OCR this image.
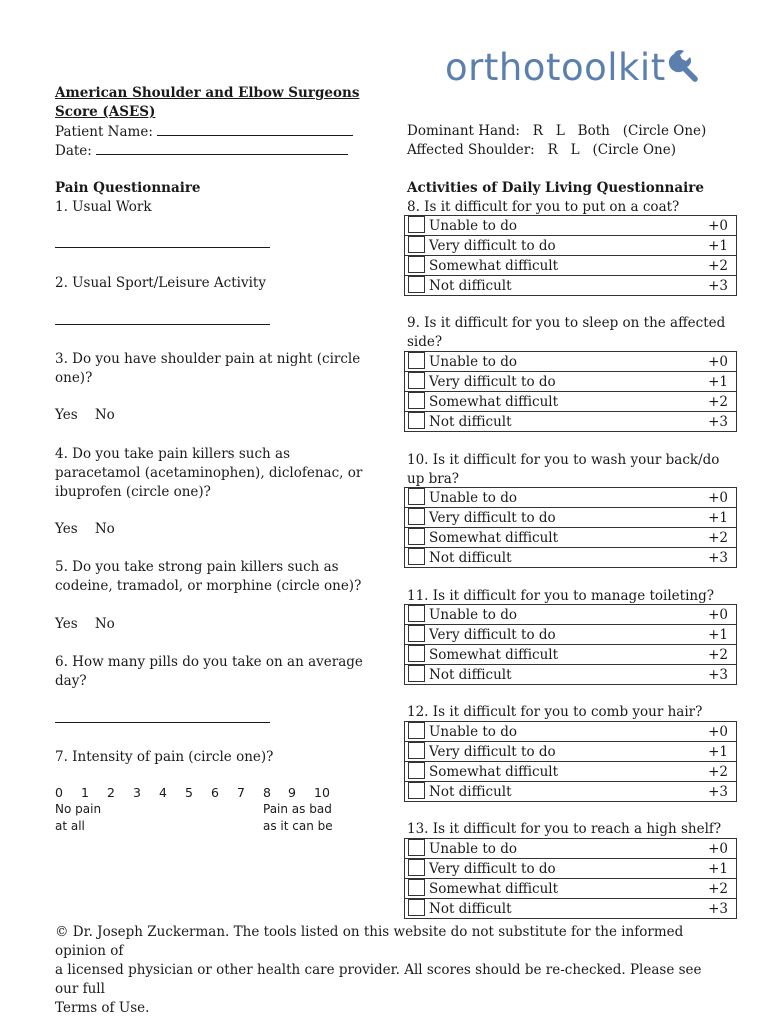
orthotoolkit
American Shoulder and Elbow Surgeons
Score (ASES)
Patient Name:
Date:
Dominant Hand:   R   L   Both   (Circle One)
Affected Shoulder:   R   L   (Circle One)
Pain Questionnaire
1. Usual Work
2. Usual Sport/Leisure Activity
3. Do you have shoulder pain at night (circle
one)?
Yes    No
4. Do you take pain killers such as
paracetamol (acetaminophen), diclofenac, or
ibuprofen (circle one)?
Yes    No
5. Do you take strong pain killers such as
codeine, tramadol, or morphine (circle one)?
Yes    No
6. How many pills do you take on an average
day?
7. Intensity of pain (circle one)?
0 1 2 3 4 5 6 7 8 9 10
No pain
at all
Pain as bad
as it can be
Activities of Daily Living Questionnaire
8. Is it difficult for you to put on a coat?
Unable to do	+0
Very difficult to do	+1
Somewhat difficult	+2
Not difficult	+3
9. Is it difficult for you to sleep on the affected
side?
Unable to do	+0
Very difficult to do	+1
Somewhat difficult	+2
Not difficult	+3
10. Is it difficult for you to wash your back/do
up bra?
Unable to do	+0
Very difficult to do	+1
Somewhat difficult	+2
Not difficult	+3
11. Is it difficult for you to manage toileting?
Unable to do	+0
Very difficult to do	+1
Somewhat difficult	+2
Not difficult	+3
12. Is it difficult for you to comb your hair?
Unable to do	+0
Very difficult to do	+1
Somewhat difficult	+2
Not difficult	+3
13. Is it difficult for you to reach a high shelf?
Unable to do	+0
Very difficult to do	+1
Somewhat difficult	+2
Not difficult	+3
© Dr. Joseph Zuckerman. The tools listed on this website do not substitute for the informed opinion of
a licensed physician or other health care provider. All scores should be re-checked. Please see our full
Terms of Use.
